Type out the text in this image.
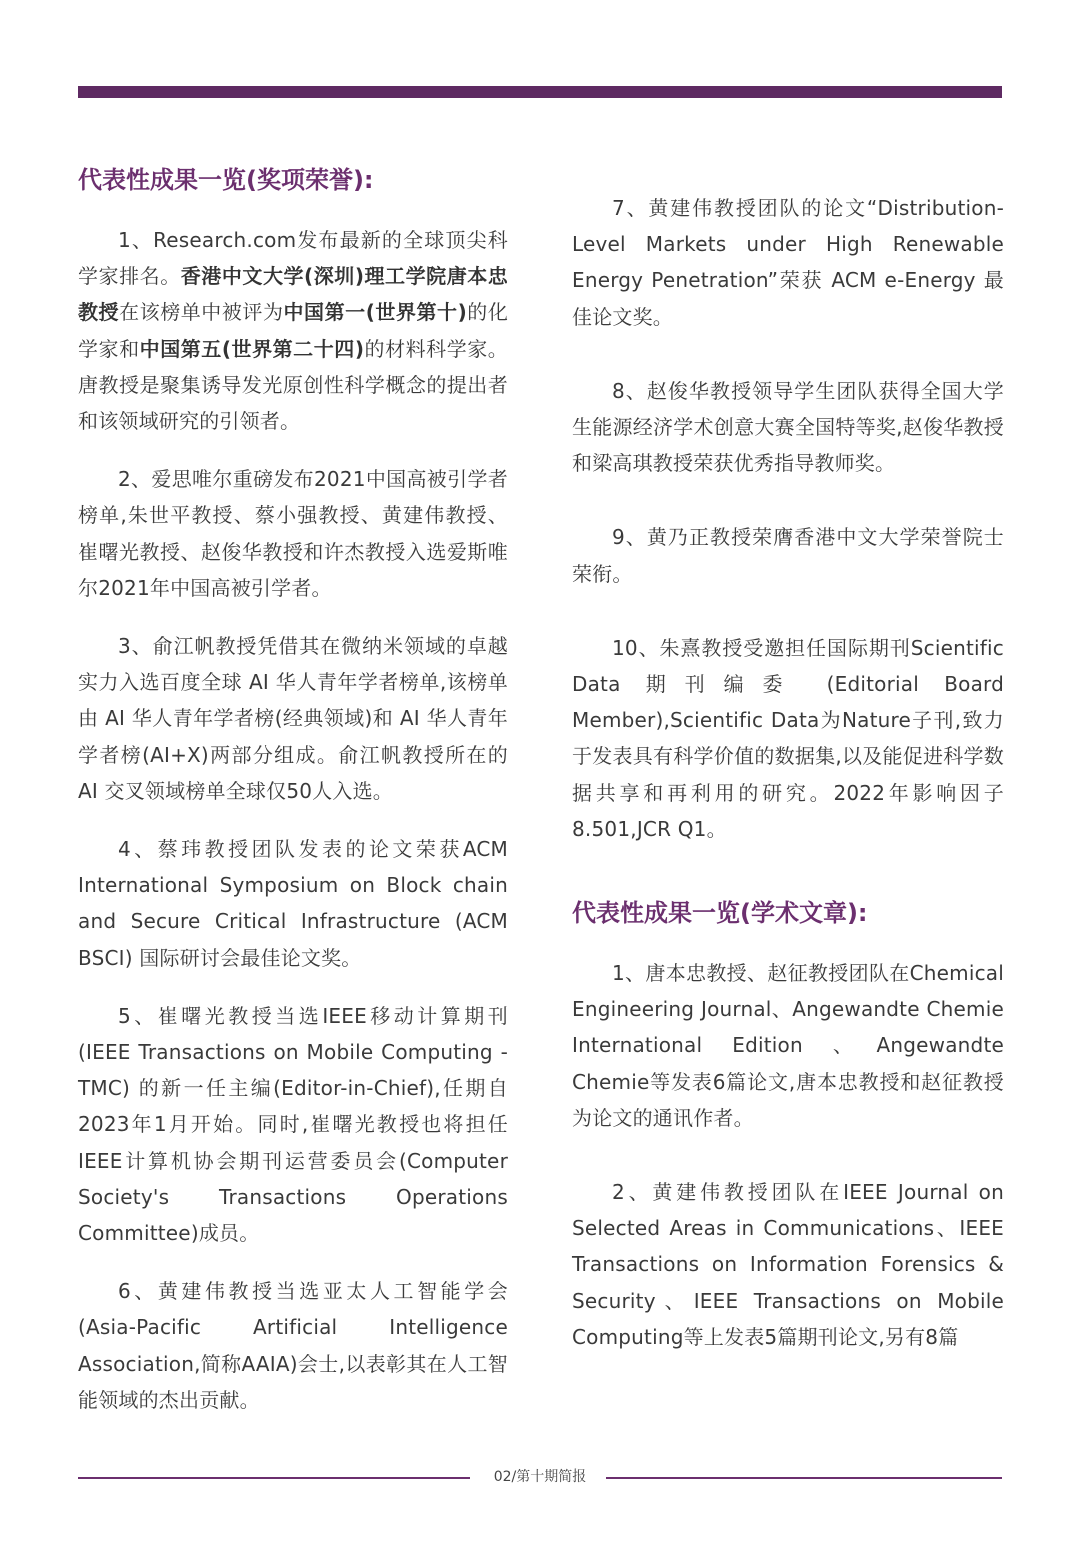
代表性成果一览(奖项荣誉):

1、Research.com发布最新的全球顶尖科学家排名。香港中文大学(深圳)理工学院唐本忠教授在该榜单中被评为中国第一(世界第十)的化学家和中国第五(世界第二十四)的材料科学家。唐教授是聚集诱导发光原创性科学概念的提出者和该领域研究的引领者。

2、爱思唯尔重磅发布2021中国高被引学者榜单,朱世平教授、蔡小强教授、黄建伟教授、崔曙光教授、赵俊华教授和许杰教授入选爱斯唯尔2021年中国高被引学者。

3、俞江帆教授凭借其在微纳米领域的卓越实力入选百度全球 AI 华人青年学者榜单,该榜单由 AI 华人青年学者榜(经典领域)和 AI 华人青年学者榜(AI+X)两部分组成。俞江帆教授所在的 AI 交叉领域榜单全球仅50人入选。

4、蔡玮教授团队发表的论文荣获ACM International Symposium on Block chain and Secure Critical Infrastructure (ACM BSCI) 国际研讨会最佳论文奖。

5、崔曙光教授当选IEEE移动计算期刊(IEEE Transactions on Mobile Computing -TMC) 的新一任主编(Editor-in-Chief),任期自2023年1月开始。同时,崔曙光教授也将担任IEEE计算机协会期刊运营委员会(Computer Society's Transactions Operations Committee)成员。

6、黄建伟教授当选亚太人工智能学会(Asia-Pacific Artificial Intelligence Association,简称AAIA)会士,以表彰其在人工智能领域的杰出贡献。

7、黄建伟教授团队的论文“Distribution-Level Markets under High Renewable Energy Penetration”荣获 ACM e-Energy 最佳论文奖。

8、赵俊华教授领导学生团队获得全国大学生能源经济学术创意大赛全国特等奖,赵俊华教授和梁高琪教授荣获优秀指导教师奖。

9、黄乃正教授荣膺香港中文大学荣誉院士荣衔。

10、朱熹教授受邀担任国际期刊Scientific Data 期刊编委 (Editorial Board Member),Scientific Data为Nature子刊,致力于发表具有科学价值的数据集,以及能促进科学数据共享和再利用的研究。2022年影响因子 8.501,JCR Q1。

代表性成果一览(学术文章):

1、唐本忠教授、赵征教授团队在Chemical Engineering Journal、Angewandte Chemie International Edition 、Angewandte Chemie等发表6篇论文,唐本忠教授和赵征教授为论文的通讯作者。

2、黄建伟教授团队在IEEE Journal on Selected Areas in Communications、IEEE Transactions on Information Forensics & Security、IEEE Transactions on Mobile Computing等上发表5篇期刊论文,另有8篇

02/第十期简报
